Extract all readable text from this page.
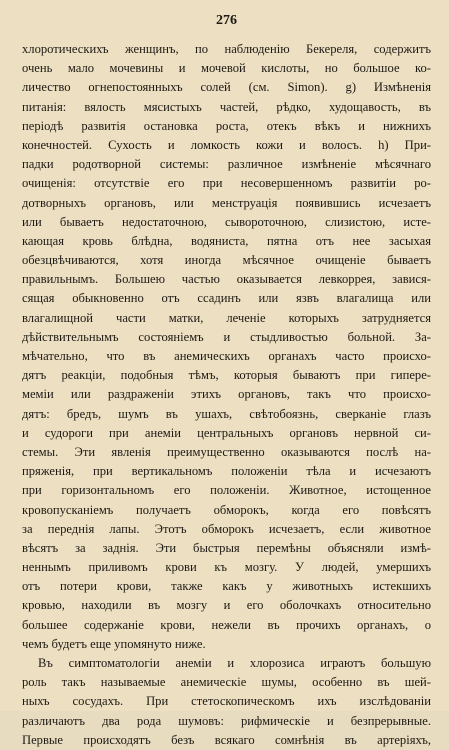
276
хлоротическихъ женщинъ, по наблюденію Бекереля, содержитъ
очень мало мочевины и мочевой кислоты, но большое ко-
личество огнепостоянныхъ солей (см. Simon). g) Измѣненія
питанія: вялость мясистыхъ частей, рѣдко, худощавость, въ
періодѣ развитія остановка роста, отекъ вѣкъ и нижнихъ
конечностей. Сухость и ломкость кожи и волосъ. h) При-
падки родотворной системы: различное измѣненіе мѣсячнаго
очищенія: отсутствіе его при несовершенномъ развитіи ро-
дотворныхъ органовъ, или менструація появившись исчезаетъ
или бываетъ недостаточною, сывороточною, слизистою, исте-
кающая кровь блѣдна, водяниста, пятна отъ нее засыхая
обезцвѣчиваются, хотя иногда мѣсячное очищеніе бываетъ
правильнымъ. Большею частью оказывается левкоррея, завися-
сящая обыкновенно отъ ссадинъ или язвъ влагалища или
влагалищной части матки, леченіе которыхъ затрудняется
дѣйствительнымъ состояніемъ и стыдливостью больной. За-
мѣчательно, что въ анемическихъ органахъ часто происхо-
дятъ реакціи, подобныя тѣмъ, которыя бываютъ при гипере-
меміи или раздраженіи этихъ органовъ, такъ что происхо-
дятъ: бредъ, шумъ въ ушахъ, свѣтобоязнь, сверканіе глазъ
и судороги при анеміи центральныхъ органовъ нервной си-
стемы. Эти явленія преимущественно оказываются послѣ на-
пряженія, при вертикальномъ положеніи тѣла и исчезаютъ
при горизонтальномъ его положеніи. Животное, истощенное
кровопусканіемъ получаетъ обморокъ, когда его повѣсятъ
за переднія лапы. Этотъ обморокъ исчезаетъ, если животное
вѣсятъ за заднія. Эти быстрыя перемѣны объясняли измѣ-
неннымъ приливомъ крови къ мозгу. У людей, умершихъ
отъ потери крови, также какъ у животныхъ истекшихъ
кровью, находили въ мозгу и его оболочкахъ относительно
большее содержаніе крови, нежели въ прочихъ органахъ, о
чемъ будетъ еще упомянуто ниже.
Въ симптоматологіи анеміи и хлорозиса играютъ большую
роль такъ называемые анемическіе шумы, особенно въ шей-
ныхъ сосудахъ. При стетоскопическомъ ихъ изслѣдованіи
различаютъ два рода шумовъ: рифмическіе и безпрерывные.
Первые происходятъ безъ всякаго сомнѣнія въ артеріяхъ,
